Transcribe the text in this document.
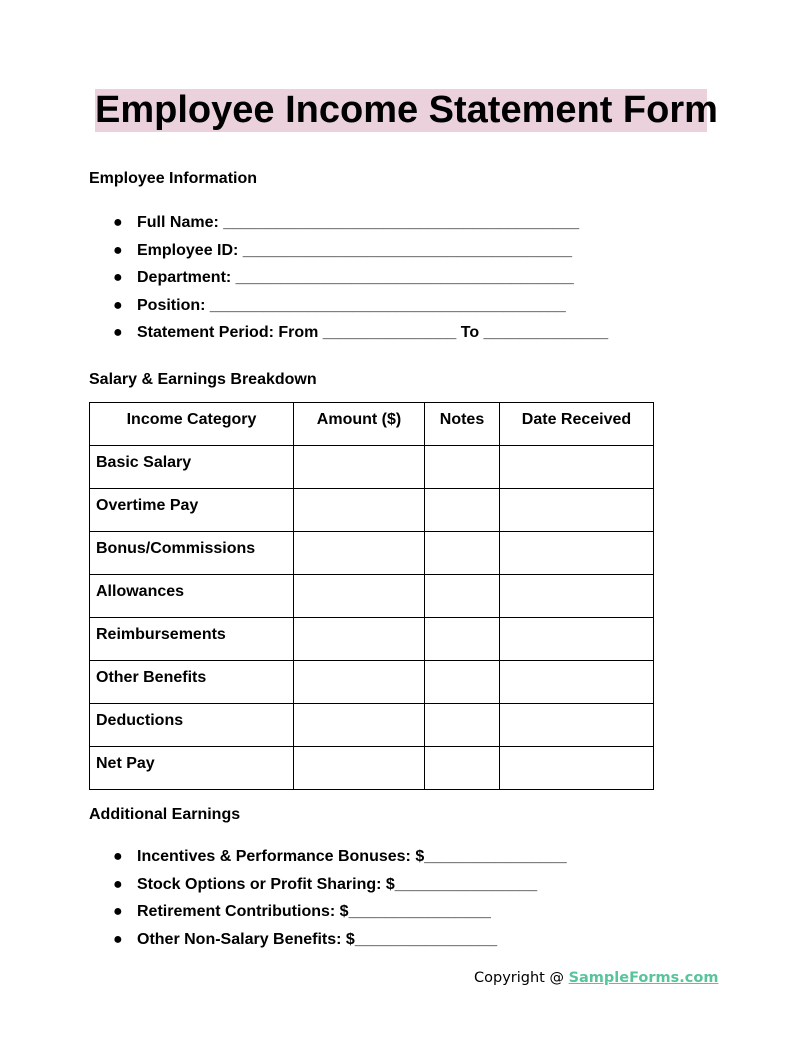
Employee Income Statement Form
Employee Information
● Full Name: ________________________________________
● Employee ID: _____________________________________
● Department: ______________________________________
● Position: ________________________________________
● Statement Period: From _______________ To ______________
Salary & Earnings Breakdown
Income Category	Amount ($)	Notes	Date Received
Basic Salary			
Overtime Pay			
Bonus/Commissions			
Allowances			
Reimbursements			
Other Benefits			
Deductions			
Net Pay			
Additional Earnings
● Incentives & Performance Bonuses: $________________
● Stock Options or Profit Sharing: $________________
● Retirement Contributions: $________________
● Other Non-Salary Benefits: $________________
Copyright @ SampleForms.com
